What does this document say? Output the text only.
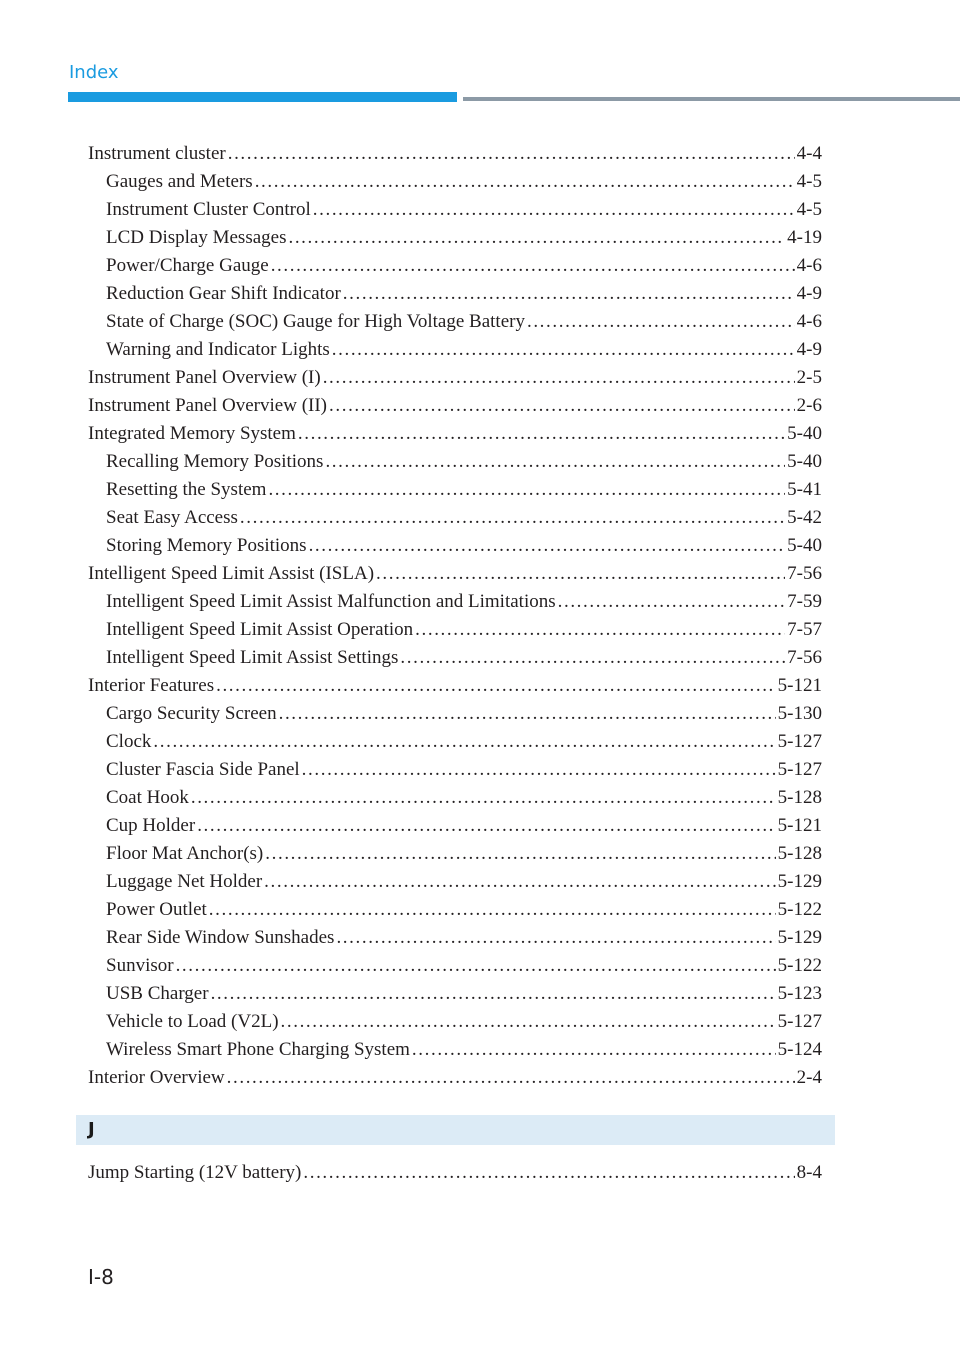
Index
Instrument cluster .....	4-4
Gauges and Meters .....	4-5
Instrument Cluster Control .....	4-5
LCD Display Messages .....	4-19
Power/Charge Gauge .....	4-6
Reduction Gear Shift Indicator .....	4-9
State of Charge (SOC) Gauge for High Voltage Battery .....	4-6
Warning and Indicator Lights .....	4-9
Instrument Panel Overview (I) .....	2-5
Instrument Panel Overview (II) .....	2-6
Integrated Memory System .....	5-40
Recalling Memory Positions .....	5-40
Resetting the System .....	5-41
Seat Easy Access .....	5-42
Storing Memory Positions .....	5-40
Intelligent Speed Limit Assist (ISLA) .....	7-56
Intelligent Speed Limit Assist Malfunction and Limitations .....	7-59
Intelligent Speed Limit Assist Operation .....	7-57
Intelligent Speed Limit Assist Settings .....	7-56
Interior Features .....	5-121
Cargo Security Screen .....	5-130
Clock .....	5-127
Cluster Fascia Side Panel .....	5-127
Coat Hook .....	5-128
Cup Holder .....	5-121
Floor Mat Anchor(s) .....	5-128
Luggage Net Holder .....	5-129
Power Outlet .....	5-122
Rear Side Window Sunshades .....	5-129
Sunvisor .....	5-122
USB Charger .....	5-123
Vehicle to Load (V2L) .....	5-127
Wireless Smart Phone Charging System .....	5-124
Interior Overview .....	2-4
J
Jump Starting (12V battery) .....	8-4
I-8
